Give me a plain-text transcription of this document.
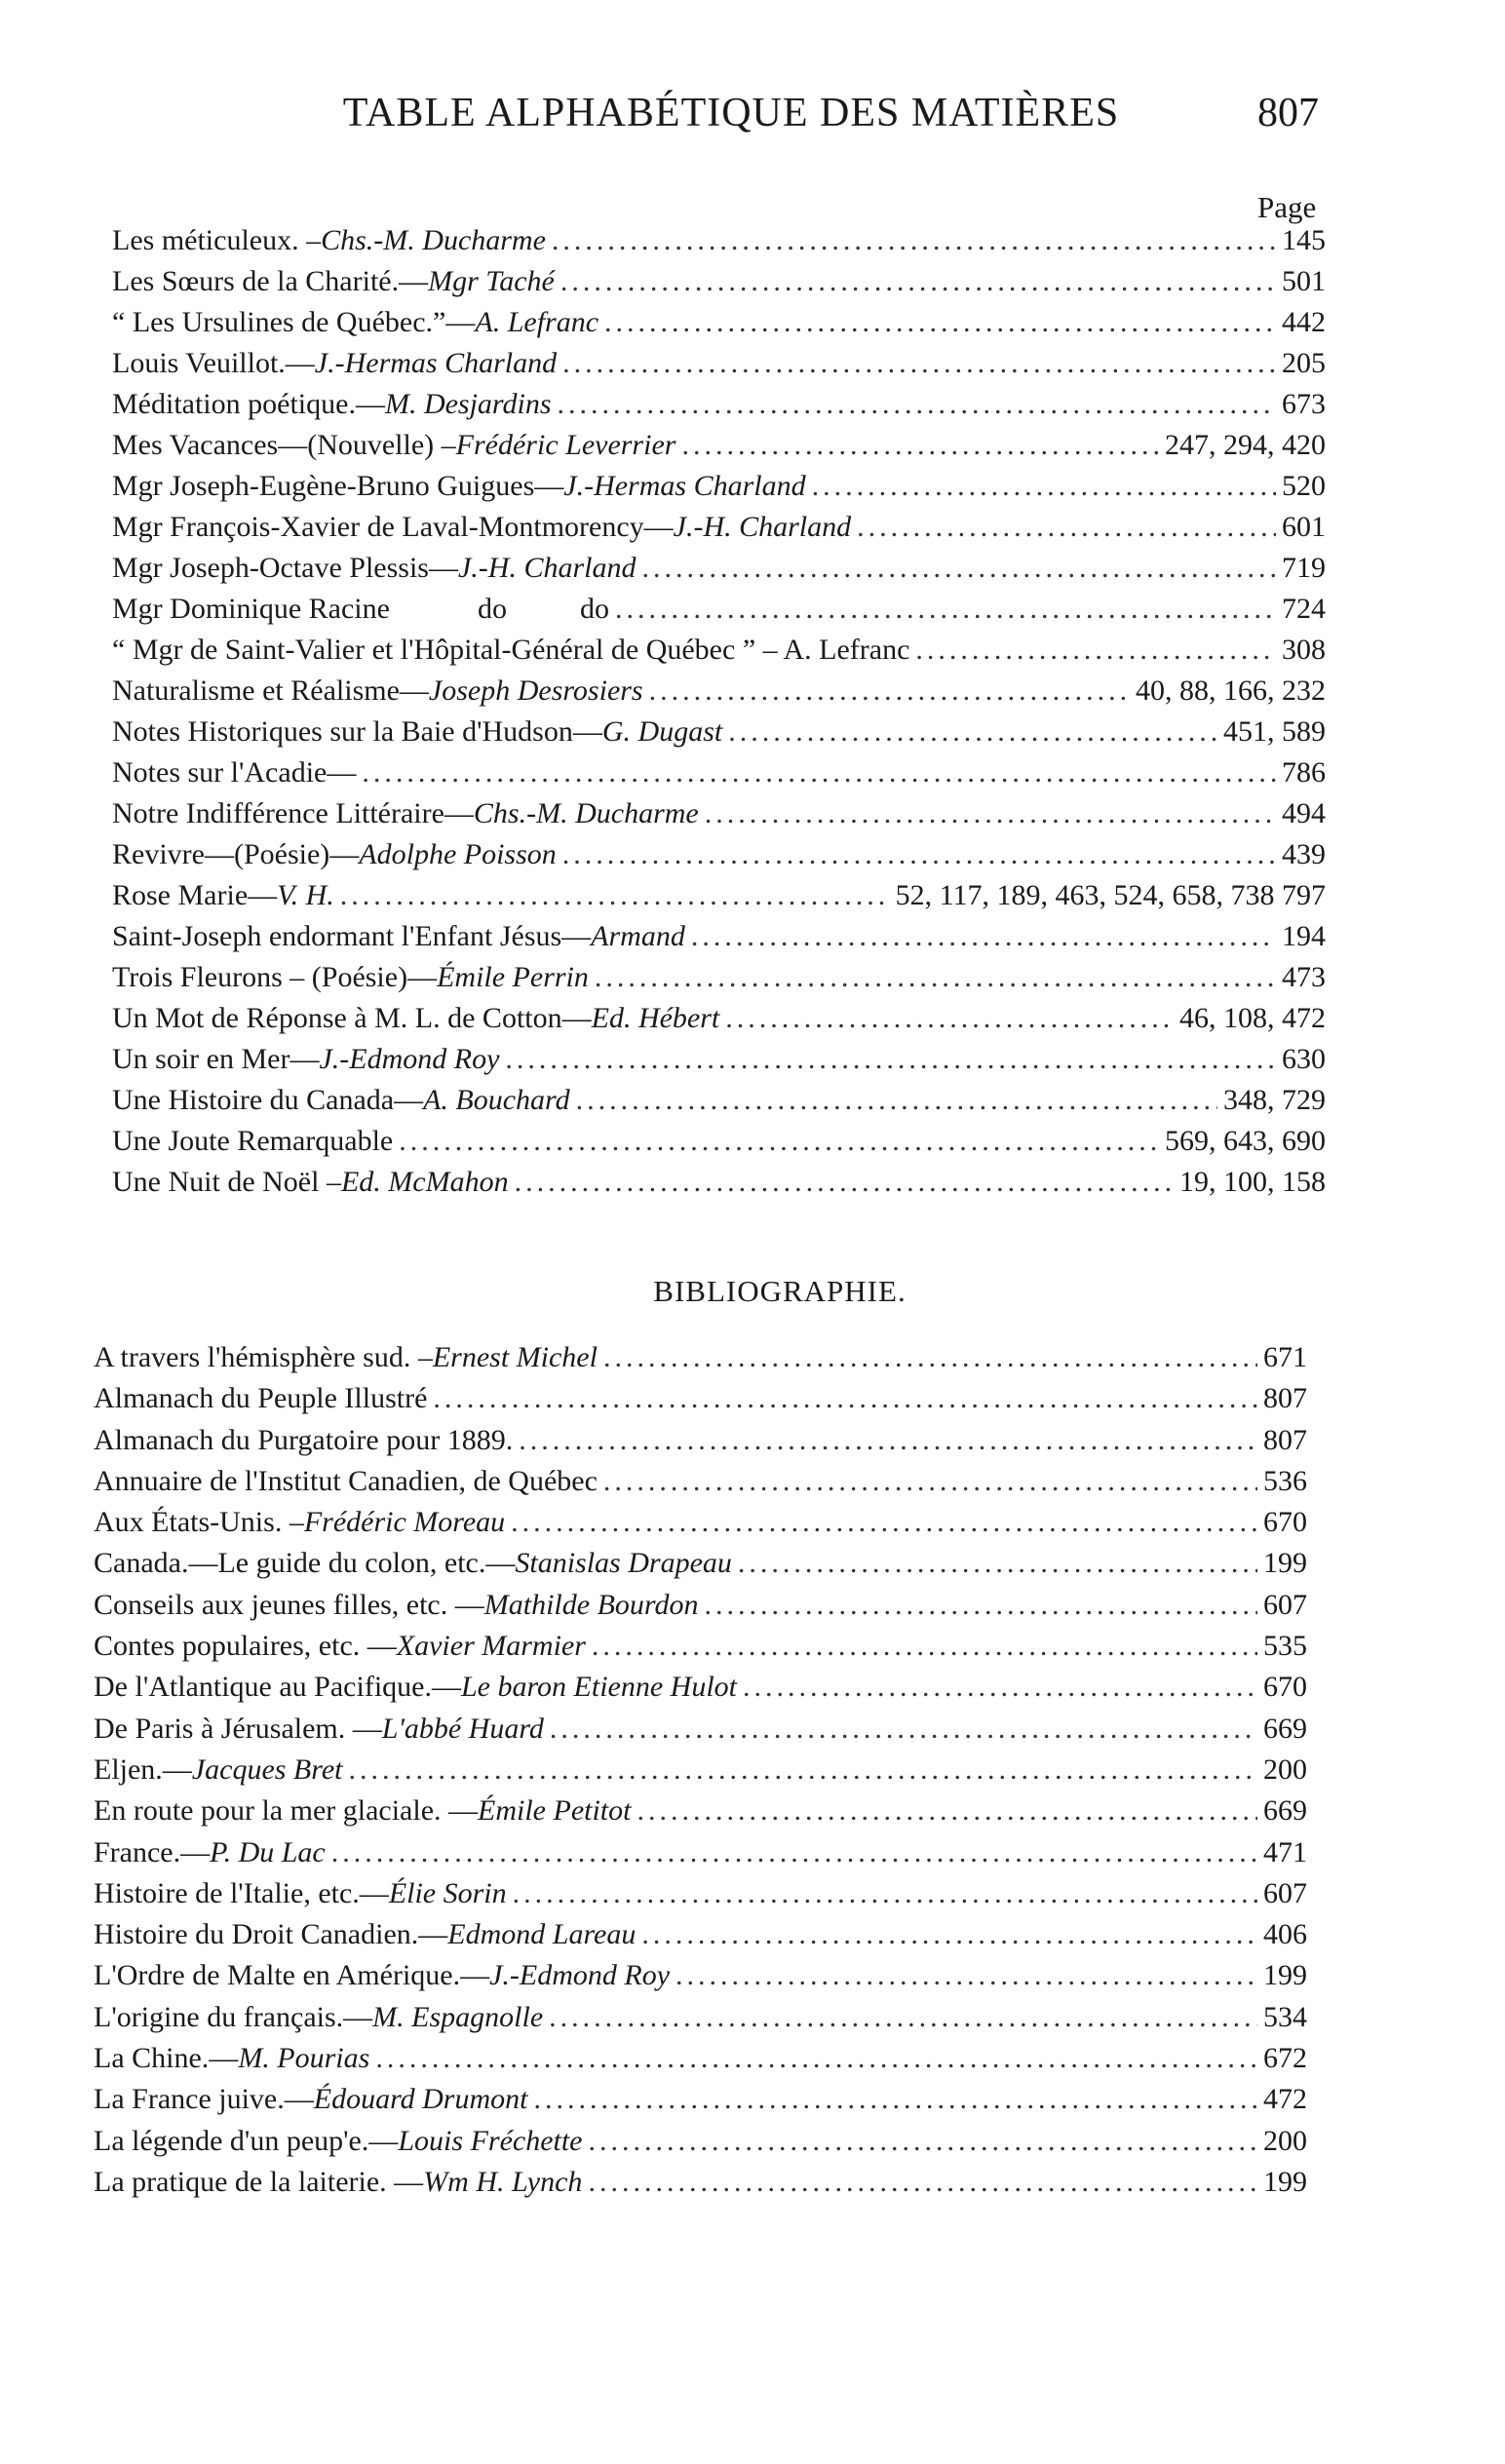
TABLE ALPHABÉTIQUE DES MATIÈRES	807
Page
Les méticuleux. – Chs.-M. Ducharme .....	145
Les Sœurs de la Charité.— Mgr Taché .....	501
“ Les Ursulines de Québec.”— A. Lefranc .....	442
Louis Veuillot.— J.-Hermas Charland .....	205
Méditation poétique.— M. Desjardins .....	673
Mes Vacances—(Nouvelle) – Frédéric Leverrier .....	247, 294, 420
Mgr Joseph-Eugène-Bruno Guigues— J.-Hermas Charland .....	520
Mgr François-Xavier de Laval-Montmorency— J.-H. Charland .....	601
Mgr Joseph-Octave Plessis— J.-H. Charland .....	719
Mgr Dominique Racine            do          do .....	724
“ Mgr de Saint-Valier et l'Hôpital-Général de Québec ” – A. Lefranc .....	308
Naturalisme et Réalisme— Joseph Desrosiers .....	40, 88, 166, 232
Notes Historiques sur la Baie d'Hudson— G. Dugast .....	451, 589
Notes sur l'Acadie— .....	786
Notre Indifférence Littéraire— Chs.-M. Ducharme .....	494
Revivre—(Poésie)— Adolphe Poisson .....	439
Rose Marie— V. H. .....	52, 117, 189, 463, 524, 658, 738 797
Saint-Joseph endormant l'Enfant Jésus— Armand .....	194
Trois Fleurons – (Poésie)— Émile Perrin .....	473
Un Mot de Réponse à M. L. de Cotton— Ed. Hébert .....	46, 108, 472
Un soir en Mer— J.-Edmond Roy .....	630
Une Histoire du Canada— A. Bouchard .....	348, 729
Une Joute Remarquable .....	569, 643, 690
Une Nuit de Noël – Ed. McMahon .....	19, 100, 158
BIBLIOGRAPHIE.
A travers l'hémisphère sud. – Ernest Michel .....	671
Almanach du Peuple Illustré .....	807
Almanach du Purgatoire pour 1889. .....	807
Annuaire de l'Institut Canadien, de Québec .....	536
Aux États-Unis. – Frédéric Moreau .....	670
Canada.—Le guide du colon, etc.— Stanislas Drapeau .....	199
Conseils aux jeunes filles, etc. — Mathilde Bourdon .....	607
Contes populaires, etc. — Xavier Marmier .....	535
De l'Atlantique au Pacifique.— Le baron Etienne Hulot .....	670
De Paris à Jérusalem. — L'abbé Huard .....	669
Eljen.— Jacques Bret .....	200
En route pour la mer glaciale. — Émile Petitot .....	669
France.— P. Du Lac .....	471
Histoire de l'Italie, etc.— Élie Sorin .....	607
Histoire du Droit Canadien.— Edmond Lareau .....	406
L'Ordre de Malte en Amérique.— J.-Edmond Roy .....	199
L'origine du français.— M. Espagnolle .....	534
La Chine.— M. Pourias .....	672
La France juive.— Édouard Drumont .....	472
La légende d'un peup'e.— Louis Fréchette .....	200
La pratique de la laiterie. — Wm H. Lynch .....	199
